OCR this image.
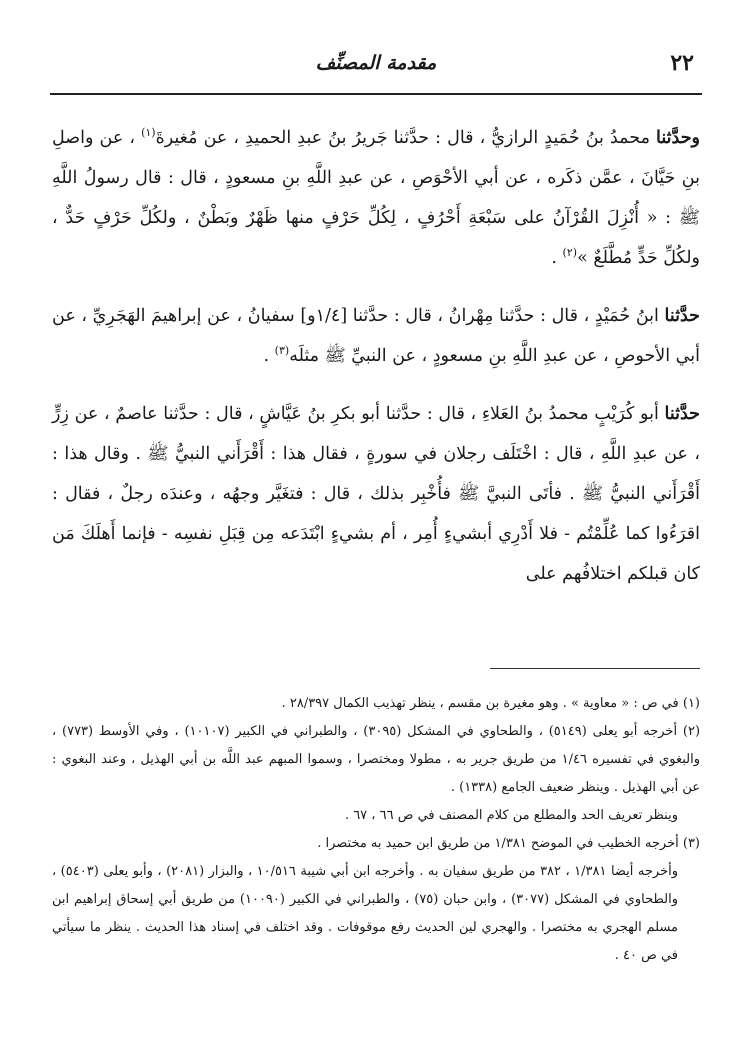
٢٢
مقدمة المصنِّف

وحدَّثنا محمدُ بنُ حُمَيدٍ الرازيُّ ، قال : حدَّثنا جَريرُ بنُ عبدِ الحميدِ ، عن مُغيرةَ$^{(١)}$ ، عن واصلِ بنِ حَيَّانَ ، عمَّن ذكَره ، عن أبي الأحْوَصِ ، عن عبدِ اللَّهِ بنِ مسعودٍ ، قال : قال رسولُ اللَّهِ ﷺ : « أُنْزِلَ القُرْآنُ على سَبْعَةِ أَحْرُفٍ ، لِكُلِّ حَرْفٍ منها ظَهْرٌ وبَطْنٌ ، ولكُلِّ حَرْفٍ حَدٌّ ، ولكُلِّ حَدٍّ مُطَّلَعٌ »$^{(٢)}$ .

حدَّثنا ابنُ حُمَيْدٍ ، قال : حدَّثنا مِهْرانُ ، قال : حدَّثنا [١/٤و] سفيانُ ، عن إبراهيمَ الهَجَرِيِّ ، عن أبي الأحوصِ ، عن عبدِ اللَّهِ بنِ مسعودٍ ، عن النبيِّ ﷺ مثلَه$^{(٣)}$ .

حدَّثنا أبو كُرَيْبٍ محمدُ بنُ العَلاءِ ، قال : حدَّثنا أبو بكرِ بنُ عَيَّاشٍ ، قال : حدَّثنا عاصمٌ ، عن زِرٍّ ، عن عبدِ اللَّهِ ، قال : اخْتَلَف رجلان في سورةٍ ، فقال هذا : أَقْرَأَني النبيُّ ﷺ . وقال هذا : أَقْرَأَني النبيُّ ﷺ . فأتَى النبيَّ ﷺ فأُخْبِر بذلك ، قال : فتغَيَّر وجهُه ، وعندَه رجلٌ ، فقال : اقرَءُوا كما عُلِّمْتُم - فلا أَدْرِي أبشيءٍ أُمِر ، أم بشيءٍ ابْتَدَعه مِن قِبَلِ نفسِه - فإنما أَهلَكَ مَن كان قبلكم اختلافُهم على

(١) في ص : « معاوية » . وهو مغيرة بن مقسم ، ينظر تهذيب الكمال ٢٨/٣٩٧ .

(٢) أخرجه أبو يعلى (٥١٤٩) ، والطحاوي في المشكل (٣٠٩٥) ، والطبراني في الكبير (١٠١٠٧) ، وفي الأوسط (٧٧٣) ، والبغوي في تفسيره ١/٤٦ من طريق جرير به ، مطولا ومختصرا ، وسموا المبهم عبد اللَّه بن أبي الهذيل ، وعند البغوي : عن أبي الهذيل . وينظر ضعيف الجامع (١٣٣٨) .

وينظر تعريف الحد والمطلع من كلام المصنف في ص ٦٦ ، ٦٧ .

(٣) أخرجه الخطيب في الموضح ١/٣٨١ من طريق ابن حميد به مختصرا .

وأخرجه أيضا ١/٣٨١ ، ٣٨٢ من طريق سفيان به . وأخرجه ابن أبي شيبة ١٠/٥١٦ ، والبزار (٢٠٨١) ، وأبو يعلى (٥٤٠٣) ، والطحاوي في المشكل (٣٠٧٧) ، وابن حبان (٧٥) ، والطبراني في الكبير (١٠٠٩٠) من طريق أبي إسحاق إبراهيم ابن مسلم الهجري به مختصرا . والهجري لين الحديث رفع موقوفات . وقد اختلف في إسناد هذا الحديث . ينظر ما سيأتي في ص ٤٠ .
